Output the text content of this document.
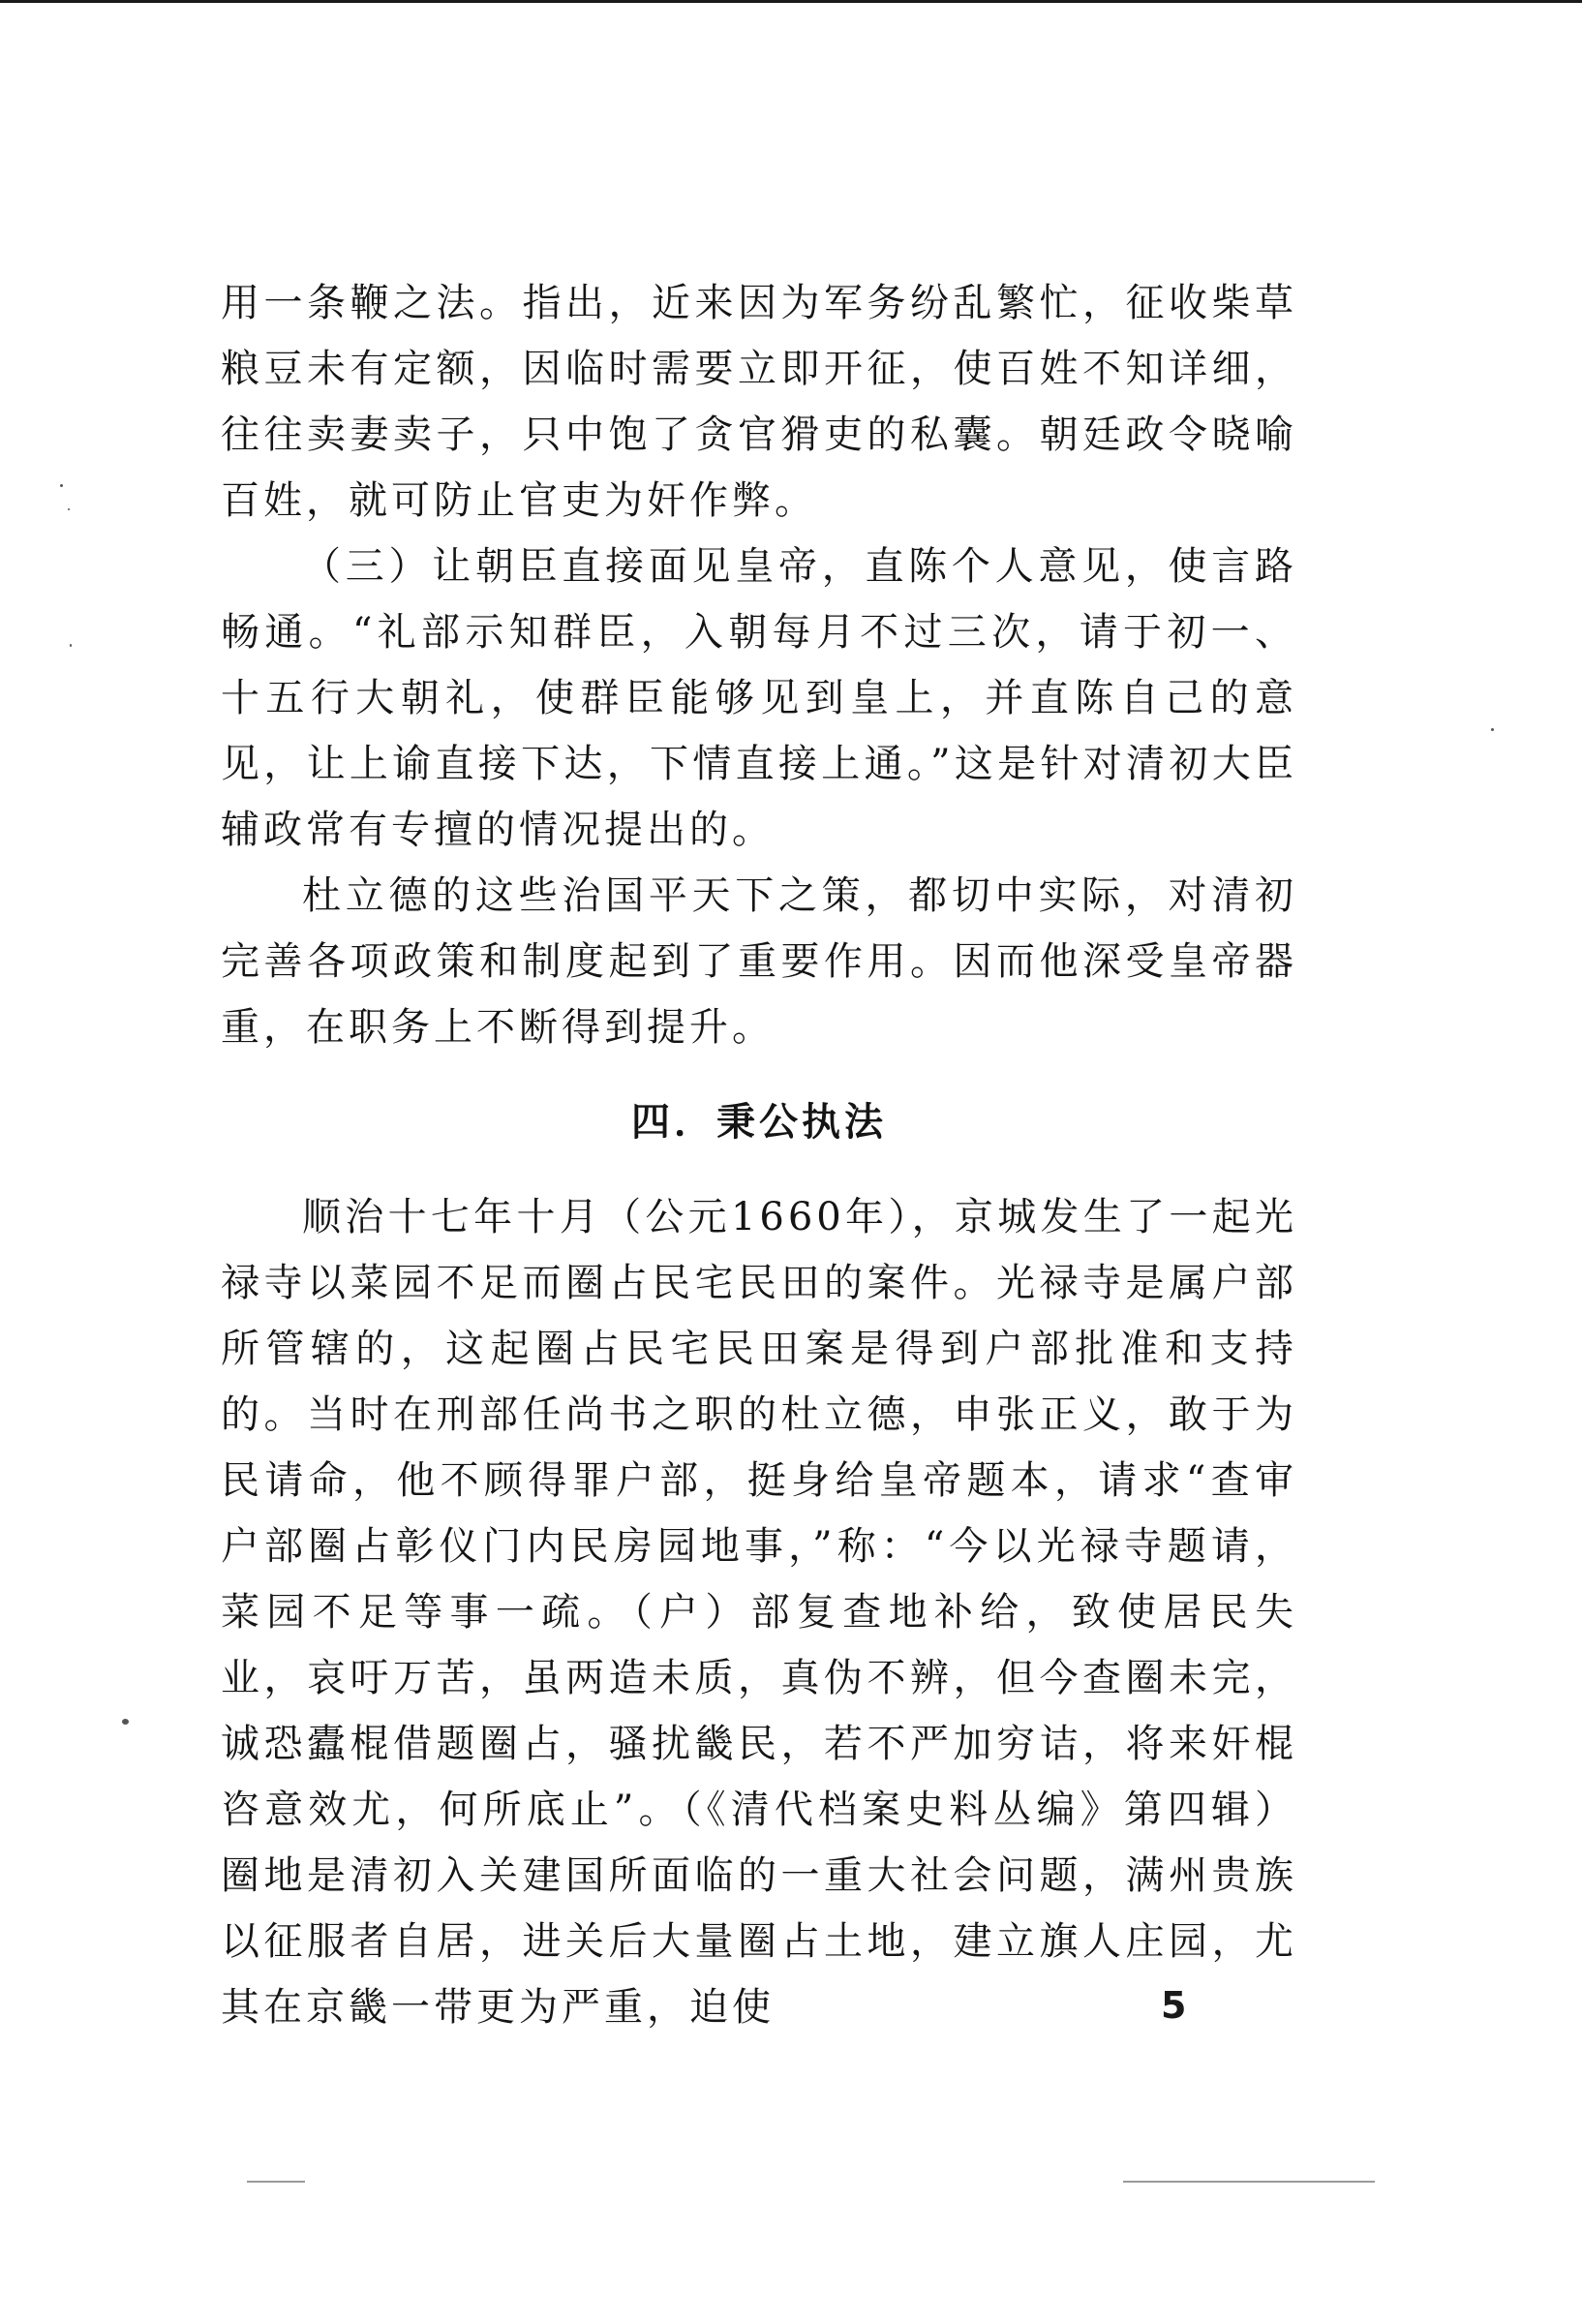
用一条鞭之法。指出，近来因为军务纷乱繁忙，征收柴草粮豆未有定额，因临时需要立即开征，使百姓不知详细，往往卖妻卖子，只中饱了贪官猾吏的私囊。朝廷政令晓喻百姓，就可防止官吏为奸作弊。

（三）让朝臣直接面见皇帝，直陈个人意见，使言路畅通。“礼部示知群臣，入朝每月不过三次，请于初一、十五行大朝礼，使群臣能够见到皇上，并直陈自己的意见，让上谕直接下达，下情直接上通。”这是针对清初大臣辅政常有专擅的情况提出的。

杜立德的这些治国平天下之策，都切中实际，对清初完善各项政策和制度起到了重要作用。因而他深受皇帝器重，在职务上不断得到提升。

四．秉公执法

顺治十七年十月（公元1660年），京城发生了一起光禄寺以菜园不足而圈占民宅民田的案件。光禄寺是属户部所管辖的，这起圈占民宅民田案是得到户部批准和支持的。当时在刑部任尚书之职的杜立德，申张正义，敢于为民请命，他不顾得罪户部，挺身给皇帝题本，请求“查审户部圈占彰仪门内民房园地事，”称：“今以光禄寺题请，菜园不足等事一疏。（户）部复查地补给，致使居民失业，哀吁万苦，虽两造未质，真伪不辨，但今查圈未完，诚恐蠹棍借题圈占，骚扰畿民，若不严加穷诘，将来奸棍咨意效尤，何所底止”。（《清代档案史料丛编》第四辑）圈地是清初入关建国所面临的一重大社会问题，满州贵族以征服者自居，进关后大量圈占土地，建立旗人庄园，尤其在京畿一带更为严重，迫使	5
